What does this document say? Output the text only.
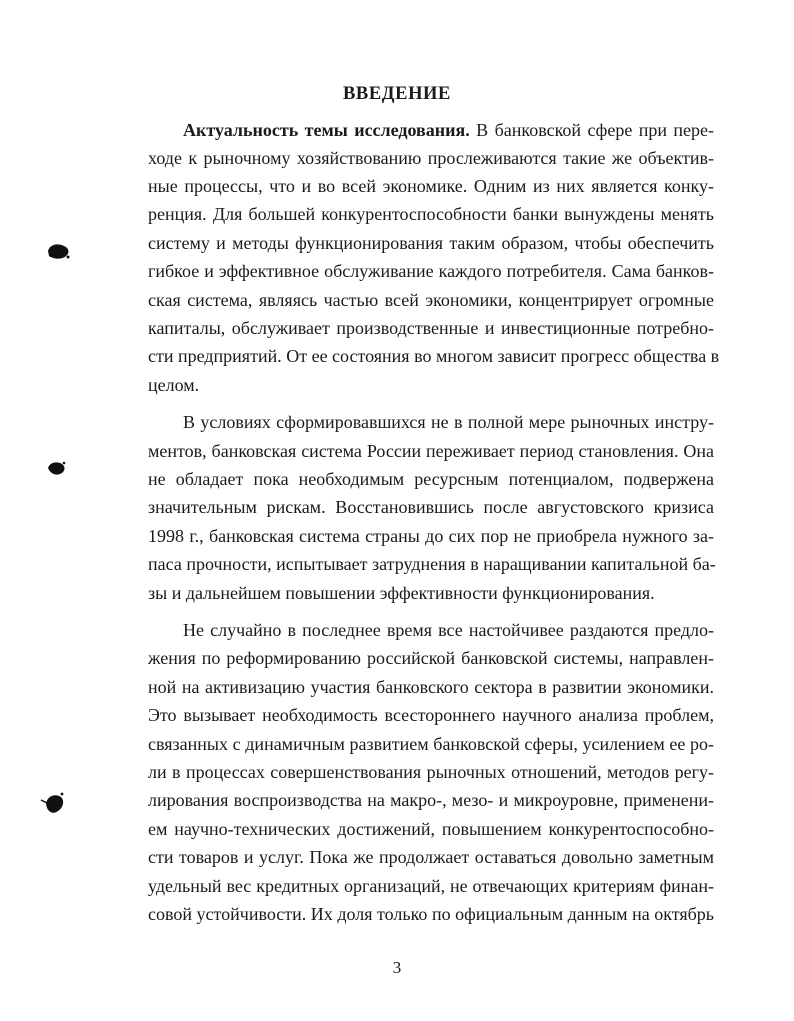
ВВЕДЕНИЕ
Актуальность темы исследования. В банковской сфере при пере-
ходе к рыночному хозяйствованию прослеживаются такие же объектив-
ные процессы, что и во всей экономике. Одним из них является конку-
ренция. Для большей конкурентоспособности банки вынуждены менять
систему и методы функционирования таким образом, чтобы обеспечить
гибкое и эффективное обслуживание каждого потребителя. Сама банков-
ская система, являясь частью всей экономики, концентрирует огромные
капиталы, обслуживает производственные и инвестиционные потребно-
сти предприятий. От ее состояния во многом зависит прогресс общества в
целом.
В условиях сформировавшихся не в полной мере рыночных инстру-
ментов, банковская система России переживает период становления. Она
не обладает пока необходимым ресурсным потенциалом, подвержена
значительным рискам. Восстановившись после августовского кризиса
1998 г., банковская система страны до сих пор не приобрела нужного за-
паса прочности, испытывает затруднения в наращивании капитальной ба-
зы и дальнейшем повышении эффективности функционирования.
Не случайно в последнее время все настойчивее раздаются предло-
жения по реформированию российской банковской системы, направлен-
ной на активизацию участия банковского сектора в развитии экономики.
Это вызывает необходимость всестороннего научного анализа проблем,
связанных с динамичным развитием банковской сферы, усилением ее ро-
ли в процессах совершенствования рыночных отношений, методов регу-
лирования воспроизводства на макро-, мезо- и микроуровне, применени-
ем научно-технических достижений, повышением конкурентоспособно-
сти товаров и услуг. Пока же продолжает оставаться довольно заметным
удельный вес кредитных организаций, не отвечающих критериям финан-
совой устойчивости. Их доля только по официальным данным на октябрь
3
